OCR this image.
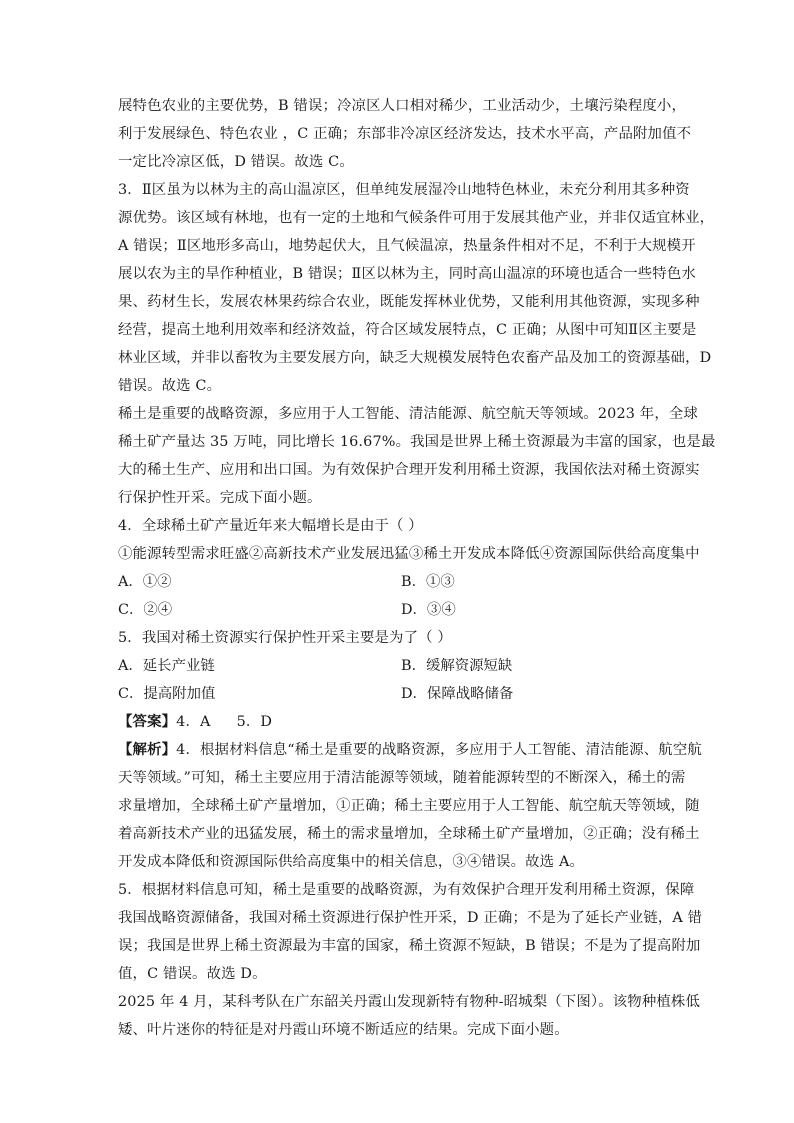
展特色农业的主要优势，B 错误；冷凉区人口相对稀少，工业活动少，土壤污染程度小，
利于发展绿色、特色农业 ，C 正确；东部非冷凉区经济发达，技术水平高，产品附加值不
一定比冷凉区低，D 错误。故选 C。
3．Ⅱ区虽为以林为主的高山温凉区，但单纯发展湿冷山地特色林业，未充分利用其多种资
源优势。该区域有林地，也有一定的土地和气候条件可用于发展其他产业，并非仅适宜林业，
A 错误；Ⅱ区地形多高山，地势起伏大，且气候温凉，热量条件相对不足，不利于大规模开
展以农为主的旱作种植业，B 错误；Ⅱ区以林为主，同时高山温凉的环境也适合一些特色水
果、药材生长，发展农林果药综合农业，既能发挥林业优势，又能利用其他资源，实现多种
经营，提高土地利用效率和经济效益，符合区域发展特点，C 正确；从图中可知Ⅱ区主要是
林业区域，并非以畜牧为主要发展方向，缺乏大规模发展特色农畜产品及加工的资源基础，D
错误。故选 C。
稀土是重要的战略资源，多应用于人工智能、清洁能源、航空航天等领域。2023 年，全球
稀土矿产量达 35 万吨，同比增长 16.67%。我国是世界上稀土资源最为丰富的国家，也是最
大的稀土生产、应用和出口国。为有效保护合理开发利用稀土资源，我国依法对稀土资源实
行保护性开采。完成下面小题。
4．全球稀土矿产量近年来大幅增长是由于（ ）
①能源转型需求旺盛②高新技术产业发展迅猛③稀土开发成本降低④资源国际供给高度集中
A．①②	B．①③
C．②④	D．③④
5．我国对稀土资源实行保护性开采主要是为了（ ）
A．延长产业链	B．缓解资源短缺
C．提高附加值	D．保障战略储备
【答案】4．A 5．D
【解析】4．根据材料信息“稀土是重要的战略资源，多应用于人工智能、清洁能源、航空航
天等领域。”可知，稀土主要应用于清洁能源等领域，随着能源转型的不断深入，稀土的需
求量增加，全球稀土矿产量增加，①正确；稀土主要应用于人工智能、航空航天等领域，随
着高新技术产业的迅猛发展，稀土的需求量增加，全球稀土矿产量增加，②正确；没有稀土
开发成本降低和资源国际供给高度集中的相关信息，③④错误。故选 A。
5．根据材料信息可知，稀土是重要的战略资源，为有效保护合理开发利用稀土资源，保障
我国战略资源储备，我国对稀土资源进行保护性开采，D 正确；不是为了延长产业链，A 错
误；我国是世界上稀土资源最为丰富的国家，稀土资源不短缺，B 错误；不是为了提高附加
值，C 错误。故选 D。
2025 年 4 月，某科考队在广东韶关丹霞山发现新特有物种-昭城梨（下图）。该物种植株低
矮、叶片迷你的特征是对丹霞山环境不断适应的结果。完成下面小题。
